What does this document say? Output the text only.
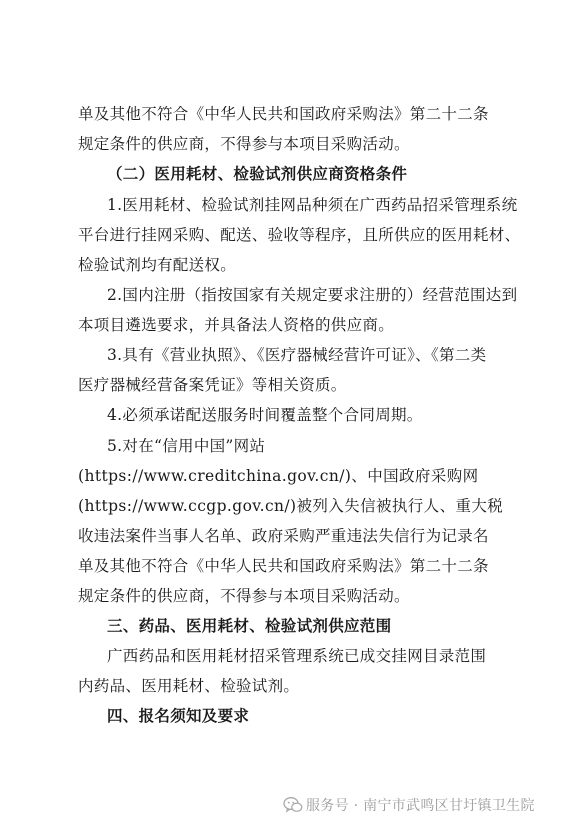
单及其他不符合《中华人民共和国政府采购法》第二十二条
规定条件的供应商，不得参与本项目采购活动。
（二）医用耗材、检验试剂供应商资格条件
1.医用耗材、检验试剂挂网品种须在广西药品招采管理系统
平台进行挂网采购、配送、验收等程序，且所供应的医用耗材、
检验试剂均有配送权。
2.国内注册（指按国家有关规定要求注册的）经营范围达到
本项目遴选要求，并具备法人资格的供应商。
3.具有《营业执照》、《医疗器械经营许可证》、《第二类
医疗器械经营备案凭证》等相关资质。
4.必须承诺配送服务时间覆盖整个合同周期。
5.对在“信用中国”网站
(https://www.creditchina.gov.cn/)、中国政府采购网
(https://www.ccgp.gov.cn/)被列入失信被执行人、重大税
收违法案件当事人名单、政府采购严重违法失信行为记录名
单及其他不符合《中华人民共和国政府采购法》第二十二条
规定条件的供应商，不得参与本项目采购活动。
三、药品、医用耗材、检验试剂供应范围
广西药品和医用耗材招采管理系统已成交挂网目录范围
内药品、医用耗材、检验试剂。
四、报名须知及要求
服务号 · 南宁市武鸣区甘圩镇卫生院
